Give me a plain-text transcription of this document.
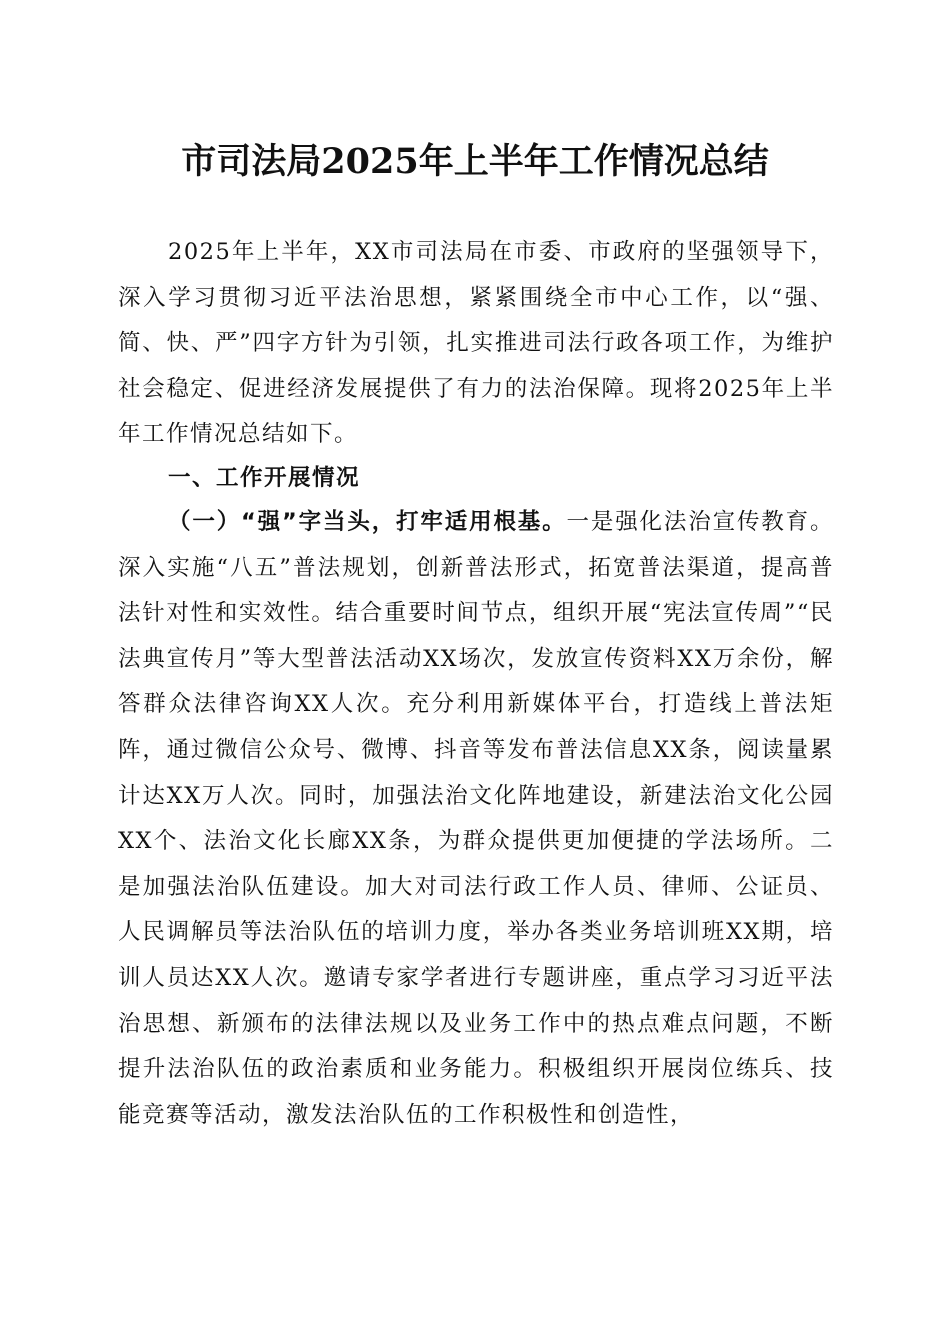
市司法局2025年上半年工作情况总结

2025年上半年，XX市司法局在市委、市政府的坚强领导下，深入学习贯彻习近平法治思想，紧紧围绕全市中心工作，以“强、简、快、严”四字方针为引领，扎实推进司法行政各项工作，为维护社会稳定、促进经济发展提供了有力的法治保障。现将2025年上半年工作情况总结如下。

一、工作开展情况

（一）“强”字当头，打牢适用根基。一是强化法治宣传教育。深入实施“八五”普法规划，创新普法形式，拓宽普法渠道，提高普法针对性和实效性。结合重要时间节点，组织开展“宪法宣传周”“民法典宣传月”等大型普法活动XX场次，发放宣传资料XX万余份，解答群众法律咨询XX人次。充分利用新媒体平台，打造线上普法矩阵，通过微信公众号、微博、抖音等发布普法信息XX条，阅读量累计达XX万人次。同时，加强法治文化阵地建设，新建法治文化公园XX个、法治文化长廊XX条，为群众提供更加便捷的学法场所。二是加强法治队伍建设。加大对司法行政工作人员、律师、公证员、人民调解员等法治队伍的培训力度，举办各类业务培训班XX期，培训人员达XX人次。邀请专家学者进行专题讲座，重点学习习近平法治思想、新颁布的法律法规以及业务工作中的热点难点问题，不断提升法治队伍的政治素质和业务能力。积极组织开展岗位练兵、技能竞赛等活动，激发法治队伍的工作积极性和创造性，
